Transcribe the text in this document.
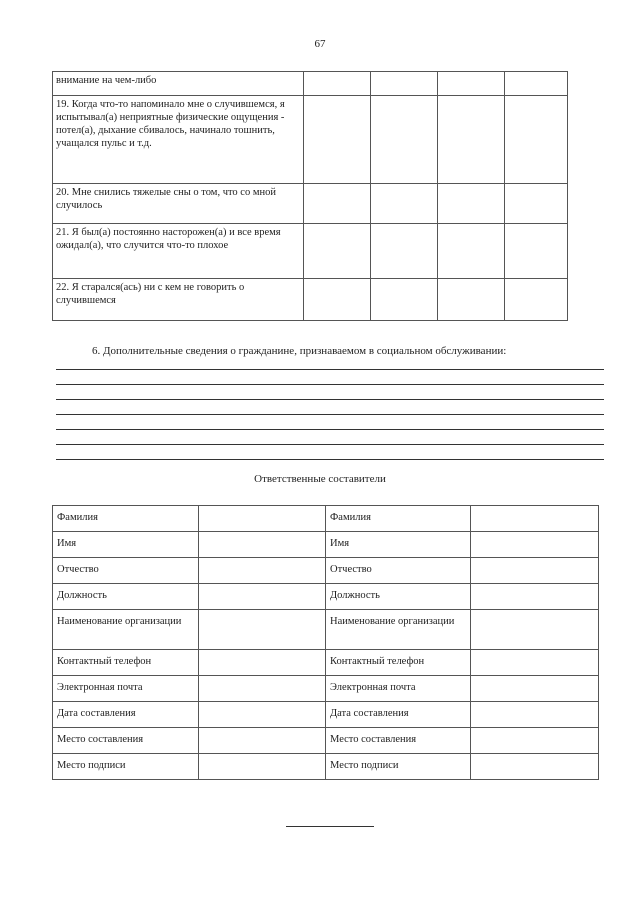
67
внимание на чем-либо				
19. Когда что-то напоминало мне о случившемся, я испытывал(а) неприятные физические ощущения - потел(а), дыхание сбивалось, начинало тошнить, учащался пульс и т.д.				
20. Мне снились тяжелые сны о том, что со мной случилось				
21. Я был(а) постоянно насторожен(а) и все время ожидал(а), что случится что-то плохое				
22. Я старался(ась) ни с кем не говорить о случившемся				
6. Дополнительные сведения о гражданине, признаваемом в социальном обслуживании:
Ответственные составители
Фамилия		Фамилия	
Имя		Имя	
Отчество		Отчество	
Должность		Должность	
Наименование организации		Наименование организации	
Контактный телефон		Контактный телефон	
Электронная почта		Электронная почта	
Дата составления		Дата составления	
Место составления		Место составления	
Место подписи		Место подписи	
